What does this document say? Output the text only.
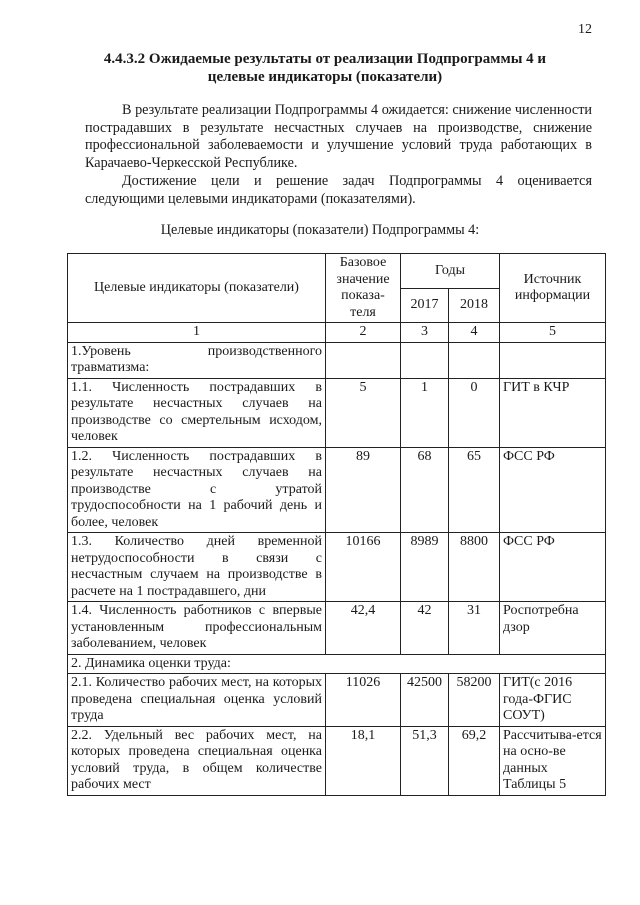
12
4.4.3.2 Ожидаемые результаты от реализации Подпрограммы 4 и
целевые индикаторы (показатели)
В результате реализации Подпрограммы 4 ожидается: снижение численности пострадавших в результате несчастных случаев на производстве, снижение профессиональной заболеваемости и улучшение условий труда работающих в Карачаево-Черкесской Республике.
Достижение цели и решение задач Подпрограммы 4 оценивается следующими целевыми индикаторами (показателями).
Целевые индикаторы (показатели) Подпрограммы 4:
Целевые индикаторы (показатели)	Базовое значение показа-теля	Годы		Источник информации
		2017	2018	
1	2	3	4	5
1.Уровень производственного травматизма:				
1.1. Численность пострадавших в результате несчастных случаев на производстве со смертельным исходом, человек	5	1	0	ГИТ в КЧР
1.2. Численность пострадавших в результате несчастных случаев на производстве с утратой трудоспособности на 1 рабочий день и более, человек	89	68	65	ФСС РФ
1.3. Количество дней временной нетрудоспособности в связи с несчастным случаем на производстве в расчете на 1 пострадавшего, дни	10166	8989	8800	ФСС РФ
1.4. Численность работников с впервые установленным профессиональным заболеванием, человек	42,4	42	31	Роспотребна дзор
2. Динамика оценки труда:				
2.1. Количество рабочих мест, на которых проведена специальная оценка условий труда	11026	42500	58200	ГИТ(с 2016 года-ФГИС СОУТ)
2.2. Удельный вес рабочих мест, на которых проведена специальная оценка условий труда, в общем количестве рабочих мест	18,1	51,3	69,2	Рассчитыва-ется на осно-ве данных Таблицы 5
